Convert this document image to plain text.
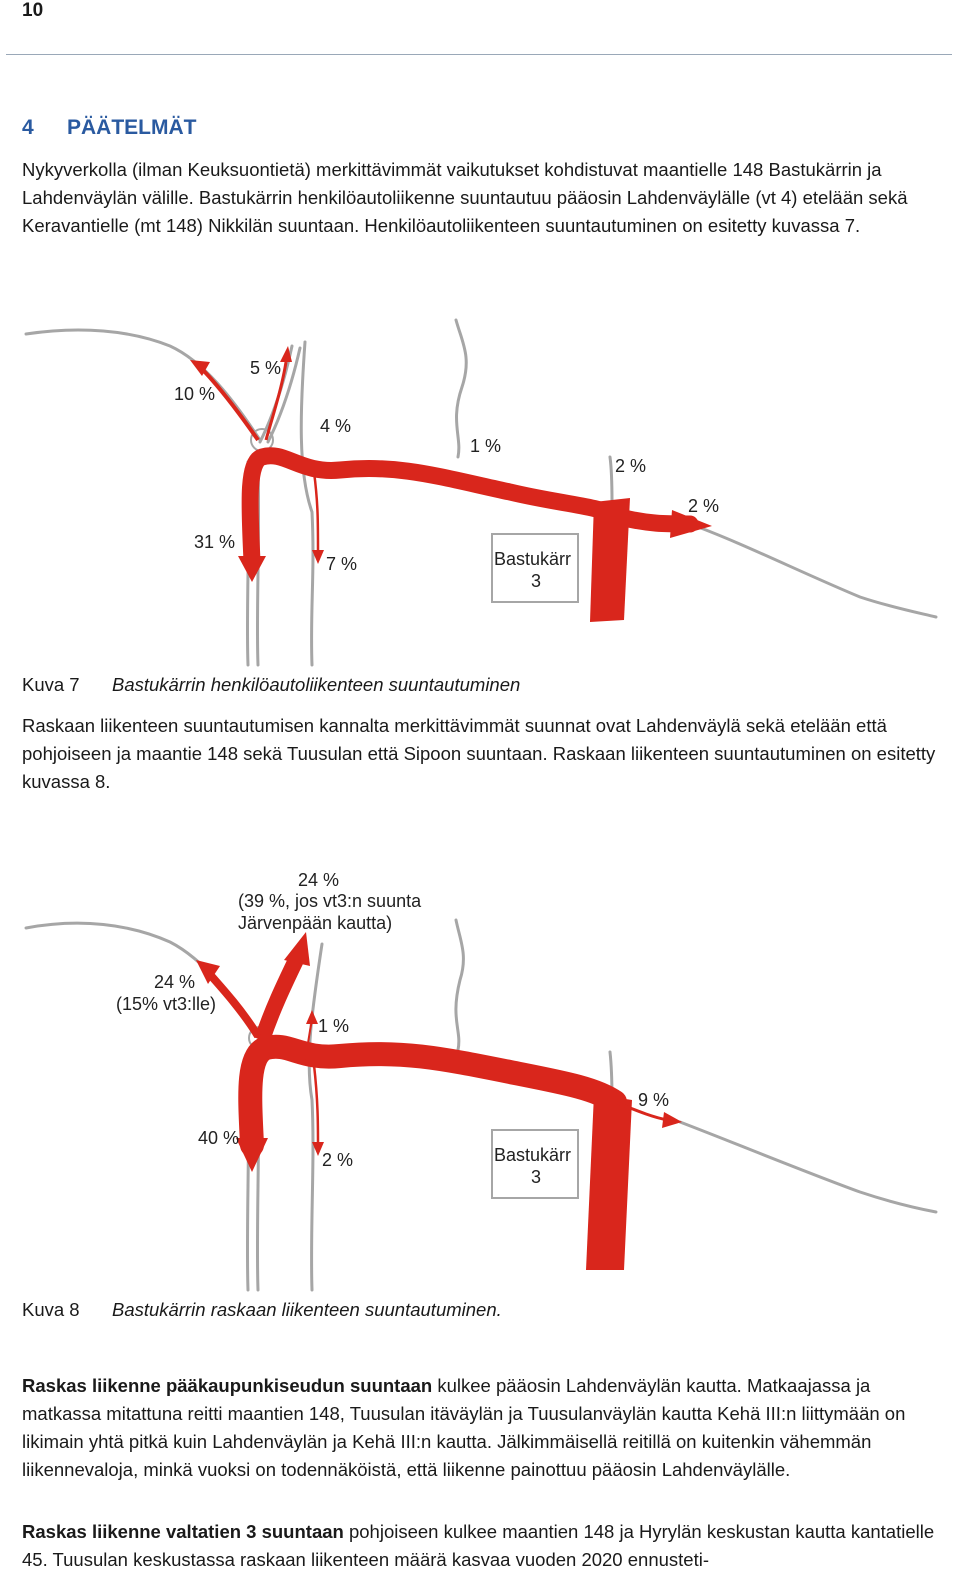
10
4 PÄÄTELMÄT

Nykyverkolla (ilman Keuksuontietä) merkittävimmät vaikutukset kohdistuvat maantielle 148 Bastukärrin ja Lahdenväylän välille. Bastukärrin henkilöautoliikenne suuntautuu pääosin Lahdenväylälle (vt 4) etelään sekä Keravantielle (mt 148) Nikkilän suuntaan. Henkilöautoliikenteen suuntautuminen on esitetty kuvassa 7.

10 %
5 %
4 %
1 %
2 %
2 %
31 %
7 %	Bastukärr
3
Kuva 7 Bastukärrin henkilöautoliikenteen suuntautuminen

Raskaan liikenteen suuntautumisen kannalta merkittävimmät suunnat ovat Lahdenväylä sekä etelään että pohjoiseen ja maantie 148 sekä Tuusulan että Sipoon suuntaan. Raskaan liikenteen suuntautuminen on esitetty kuvassa 8.

24 %
(39 %, jos vt3:n suunta
Järvenpään kautta)
24 %
(15% vt3:lle)
1 %
9 %
40 %
2 %	Bastukärr
3
Kuva 8 Bastukärrin raskaan liikenteen suuntautuminen.

Raskas liikenne pääkaupunkiseudun suuntaan kulkee pääosin Lahdenväylän kautta. Matkaajassa ja matkassa mitattuna reitti maantien 148, Tuusulan itäväylän ja Tuusulanväylän kautta Kehä III:n liittymään on likimain yhtä pitkä kuin Lahdenväylän ja Kehä III:n kautta. Jälkimmäisellä reitillä on kuitenkin vähemmän liikennevaloja, minkä vuoksi on todennäköistä, että liikenne painottuu pääosin Lahdenväylälle.

Raskas liikenne valtatien 3 suuntaan pohjoiseen kulkee maantien 148 ja Hyrylän keskustan kautta kantatielle 45. Tuusulan keskustassa raskaan liikenteen määrä kasvaa vuoden 2020 ennusteti-
